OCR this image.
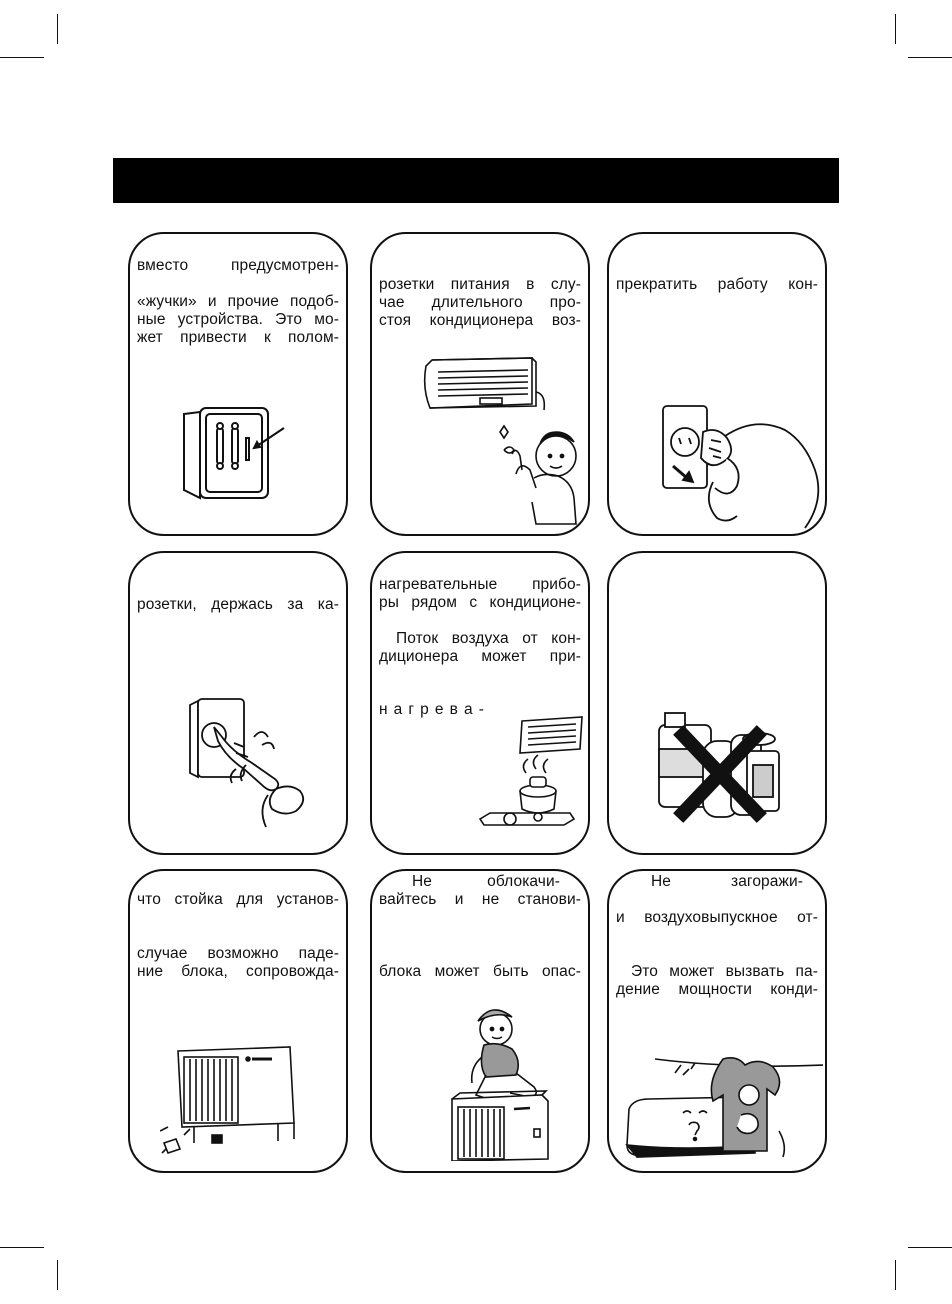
вместо предусмотрен-
«жучки» и прочие подоб-
ные устройства. Это мо-
жет привести к полом-
розетки питания в слу-
чае длительного про-
стоя кондиционера воз-
прекратить работу кон-
розетки, держась за ка-
нагревательные прибо-
ры рядом с кондиционе-
Поток воздуха от кон-
диционера может при-
н а г р е в а -
что стойка для установ-
случае возможно паде-
ние блока, сопровожда-
Не облокачи-
вайтесь и не станови-
блока может быть опас-
Не загоражи-
и воздуховыпускное от-
Это может вызвать па-
дение мощности конди-
